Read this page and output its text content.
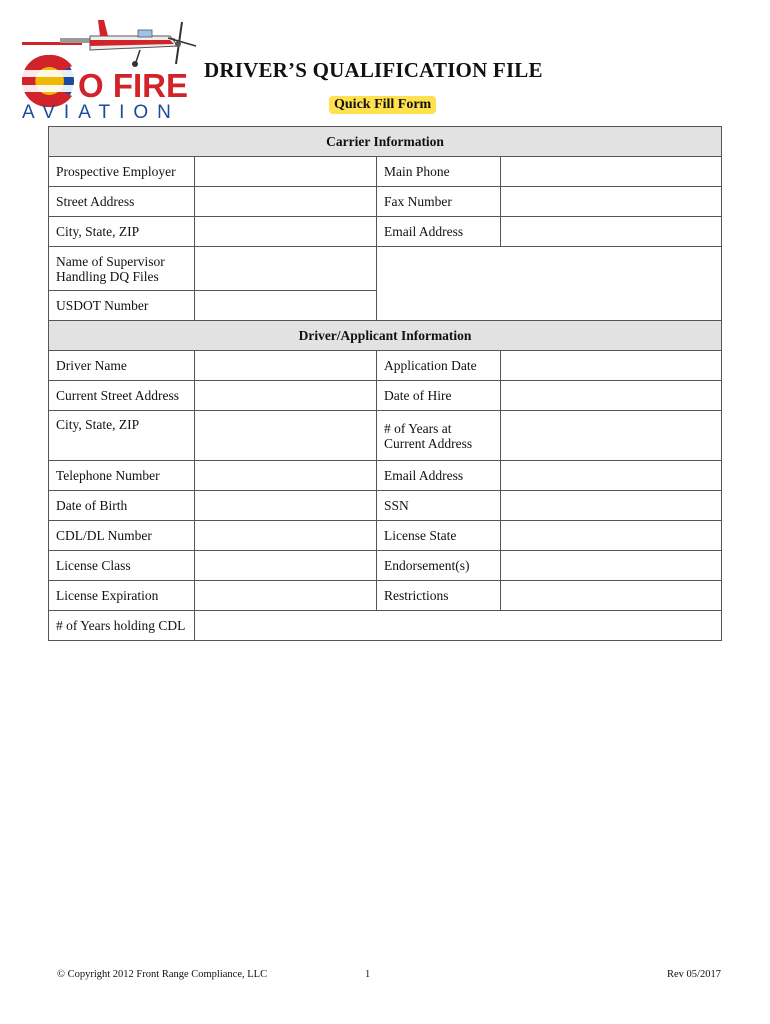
O FIRE
AVIATION
DRIVER’S QUALIFICATION FILE
Quick Fill Form
Carrier Information			
Prospective Employer		Main Phone	
Street Address		Fax Number	
City, State, ZIP		Email Address	
Name of Supervisor
Handling DQ Files			
USDOT Number			
Driver/Applicant Information			
Driver Name		Application Date	
Current Street Address		Date of Hire	
City, State, ZIP		# of Years at
Current Address	
Telephone Number		Email Address	
Date of Birth		SSN	
CDL/DL Number		License State	
License Class		Endorsement(s)	
License Expiration		Restrictions	
# of Years holding CDL			
© Copyright 2012 Front Range Compliance, LLC	1	Rev 05/2017
